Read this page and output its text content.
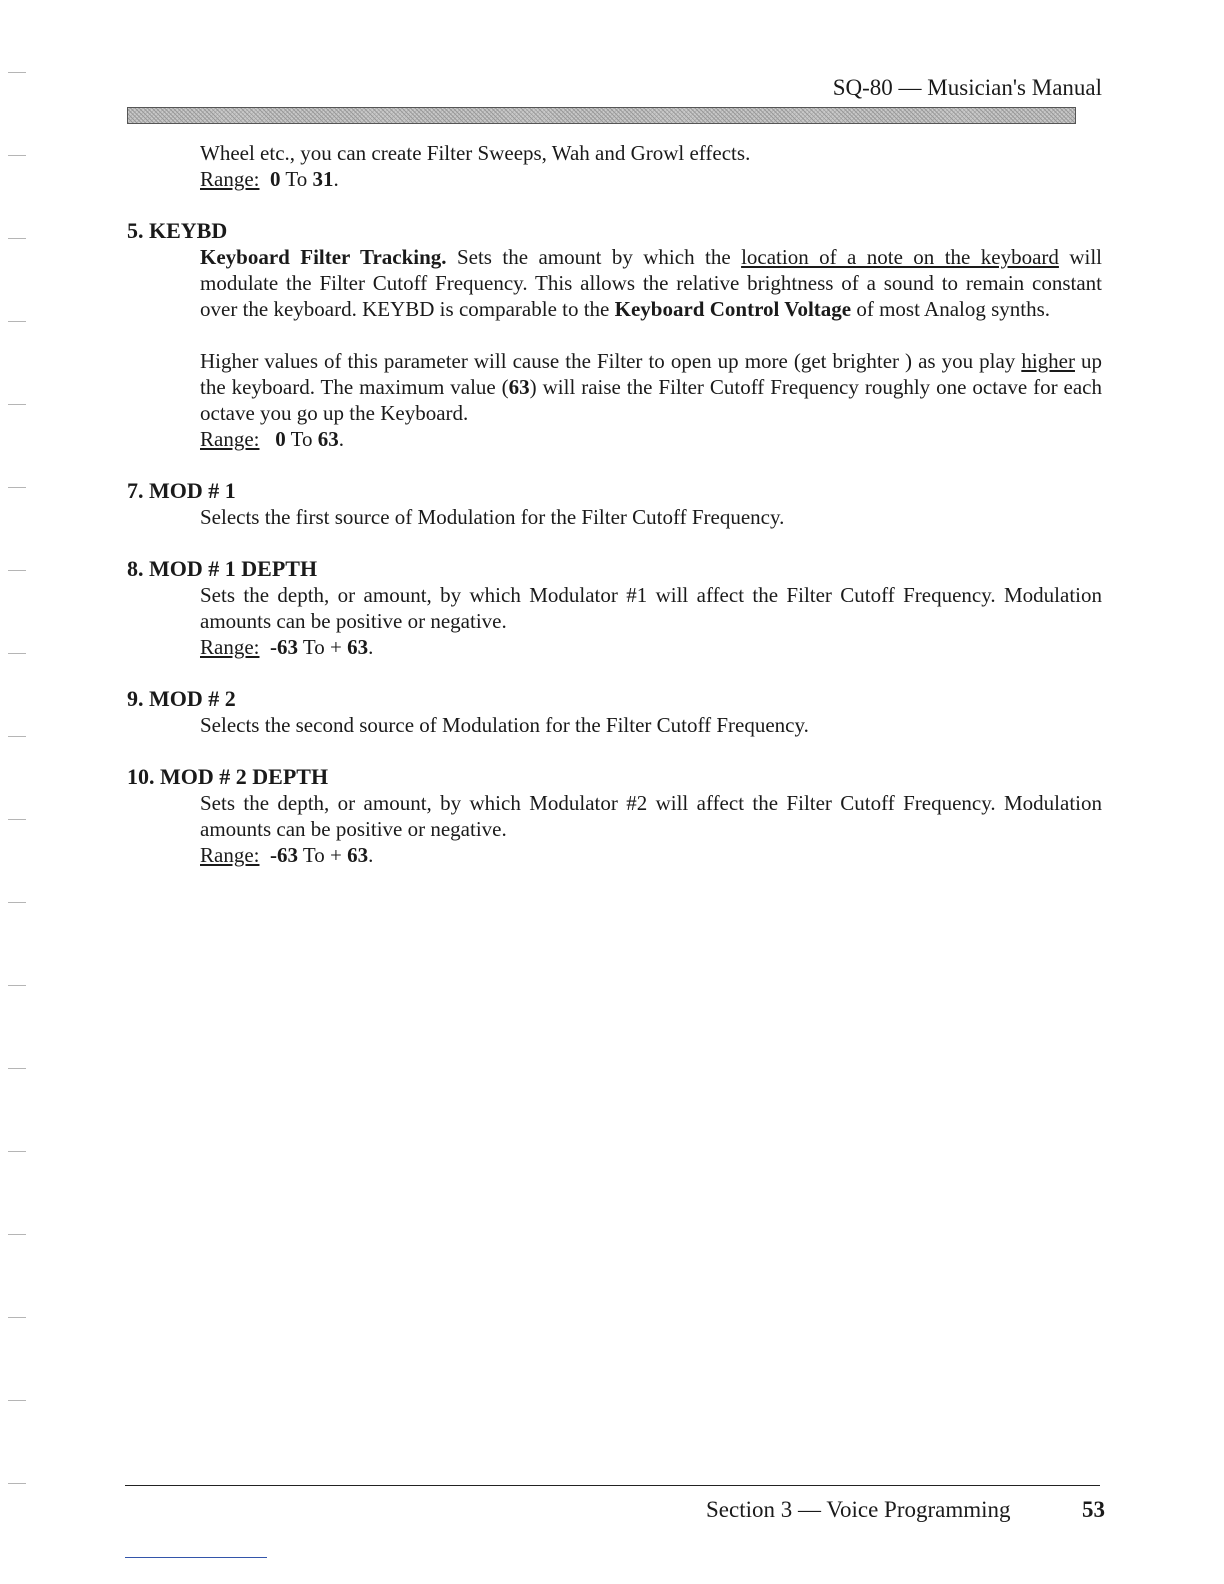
SQ-80 — Musician's Manual

Wheel etc., you can create Filter Sweeps, Wah and Growl effects.

Range: 0 To 31.

5. KEYBD

Keyboard Filter Tracking. Sets the amount by which the location of a note on the keyboard will modulate the Filter Cutoff Frequency. This allows the relative brightness of a sound to remain constant over the keyboard. KEYBD is comparable to the Keyboard Control Voltage of most Analog synths.

Higher values of this parameter will cause the Filter to open up more (get brighter ) as you play higher up the keyboard. The maximum value (63) will raise the Filter Cutoff Frequency roughly one octave for each octave you go up the Keyboard.

Range: 0 To 63.

7. MOD # 1

Selects the first source of Modulation for the Filter Cutoff Frequency.

8. MOD # 1 DEPTH

Sets the depth, or amount, by which Modulator #1 will affect the Filter Cutoff Frequency. Modulation amounts can be positive or negative.

Range: -63 To + 63.

9. MOD # 2

Selects the second source of Modulation for the Filter Cutoff Frequency.

10. MOD # 2 DEPTH

Sets the depth, or amount, by which Modulator #2 will affect the Filter Cutoff Frequency. Modulation amounts can be positive or negative.

Range: -63 To + 63.

Section 3 — Voice Programming	53
